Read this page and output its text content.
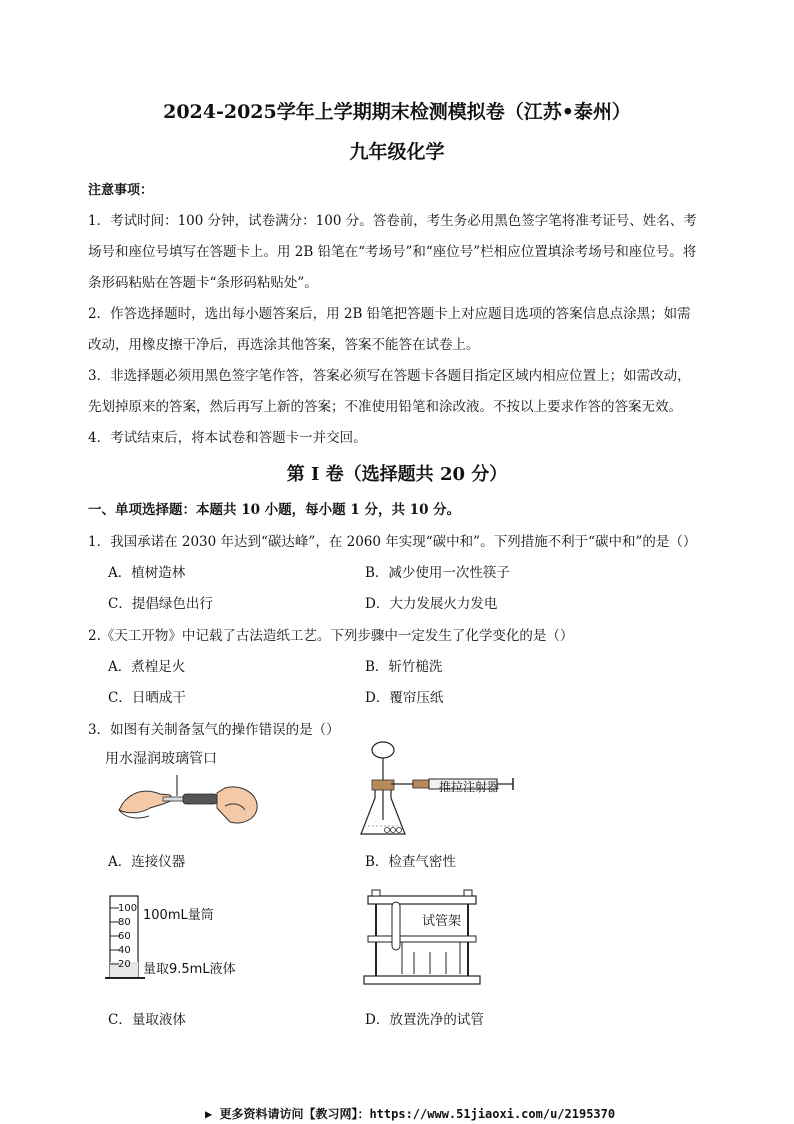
2024-2025学年上学期期末检测模拟卷（江苏•泰州）
九年级化学
注意事项：
1．考试时间：100 分钟，试卷满分：100 分。答卷前，考生务必用黑色签字笔将准考证号、姓名、考
场号和座位号填写在答题卡上。用 2B 铅笔在“考场号”和“座位号”栏相应位置填涂考场号和座位号。将
条形码粘贴在答题卡“条形码粘贴处”。
2．作答选择题时，选出每小题答案后，用 2B 铅笔把答题卡上对应题目选项的答案信息点涂黑；如需
改动，用橡皮擦干净后，再选涂其他答案，答案不能答在试卷上。
3．非选择题必须用黑色签字笔作答，答案必须写在答题卡各题目指定区域内相应位置上；如需改动，
先划掉原来的答案，然后再写上新的答案；不准使用铅笔和涂改液。不按以上要求作答的答案无效。
4．考试结束后，将本试卷和答题卡一并交回。
第 I 卷（选择题共 20 分）
一、单项选择题：本题共 10 小题，每小题 1 分，共 10 分。
1．我国承诺在 2030 年达到“碳达峰”，在 2060 年实现“碳中和”。下列措施不利于“碳中和”的是（）
A．植树造林	B．减少使用一次性筷子
C．提倡绿色出行	D．大力发展火力发电
2.《天工开物》中记载了古法造纸工艺。下列步骤中一定发生了化学变化的是（）
A．煮楻足火	B．斩竹槌洗
C．日晒成干	D．覆帘压纸
3．如图有关制备氢气的操作错误的是（）
用水湿润玻璃管口
推拉注射器
A．连接仪器	B．检查气密性
100
80
60
40
20
100mL量筒
量取9.5mL液体
试管架
C．量取液体	D．放置洗净的试管
▶ 更多资料请访问【教习网】：https://www.51jiaoxi.com/u/2195370
